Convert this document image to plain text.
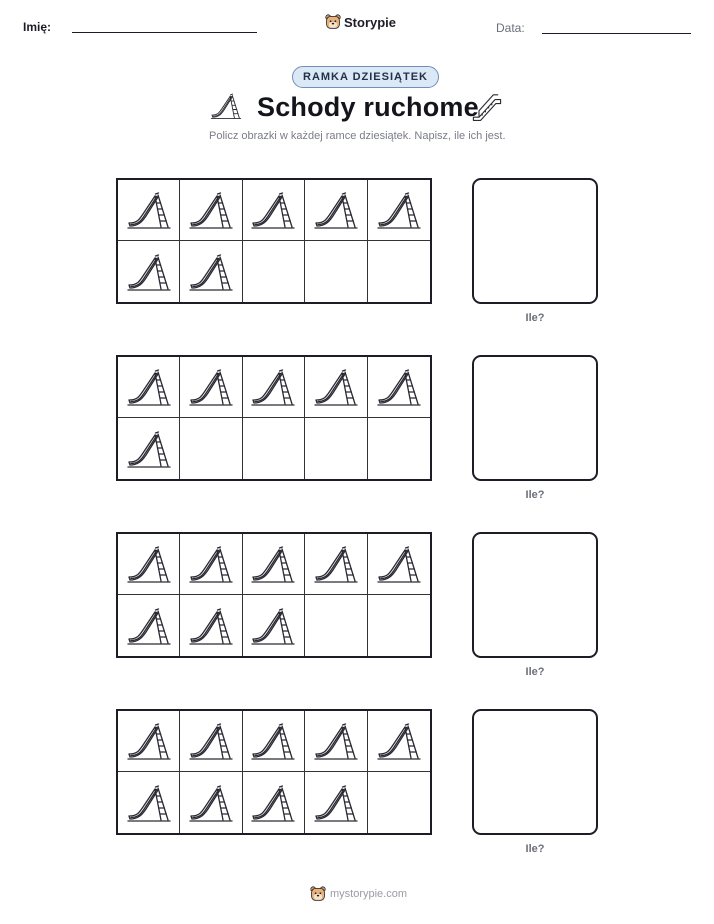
Imię:	Storypie	Data:
RAMKA DZIESIĄTEK
Schody ruchome
Policz obrazki w każdej ramce dziesiątek. Napisz, ile ich jest.
Ile?
Ile?
Ile?
Ile?
mystorypie.com
